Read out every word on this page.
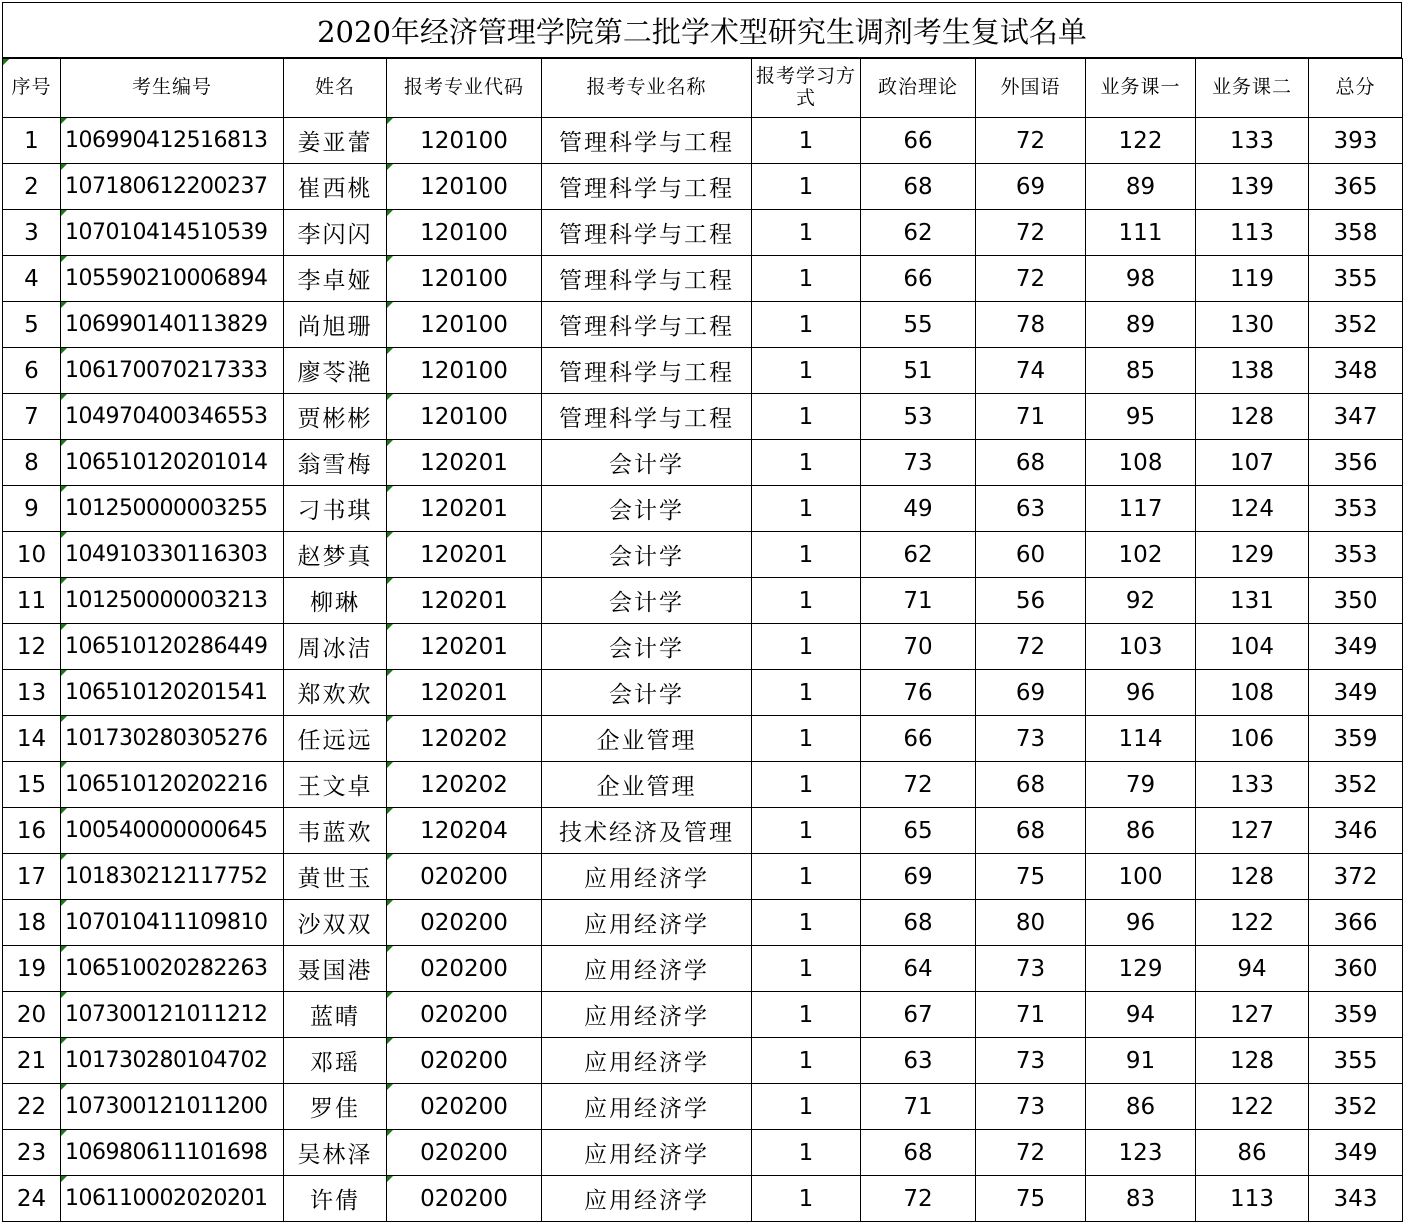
2020年经济管理学院第二批学术型研究生调剂考生复试名单
序号	考生编号	姓名	报考专业代码	报考专业名称	报考学习方式	政治理论	外国语	业务课一	业务课二	总分
1	106990412516813	姜亚蕾	120100	管理科学与工程	1	66	72	122	133	393
2	107180612200237	崔西桃	120100	管理科学与工程	1	68	69	89	139	365
3	107010414510539	李闪闪	120100	管理科学与工程	1	62	72	111	113	358
4	105590210006894	李卓娅	120100	管理科学与工程	1	66	72	98	119	355
5	106990140113829	尚旭珊	120100	管理科学与工程	1	55	78	89	130	352
6	106170070217333	廖苓滟	120100	管理科学与工程	1	51	74	85	138	348
7	104970400346553	贾彬彬	120100	管理科学与工程	1	53	71	95	128	347
8	106510120201014	翁雪梅	120201	会计学	1	73	68	108	107	356
9	101250000003255	刁书琪	120201	会计学	1	49	63	117	124	353
10	104910330116303	赵梦真	120201	会计学	1	62	60	102	129	353
11	101250000003213	柳琳	120201	会计学	1	71	56	92	131	350
12	106510120286449	周冰洁	120201	会计学	1	70	72	103	104	349
13	106510120201541	郑欢欢	120201	会计学	1	76	69	96	108	349
14	101730280305276	任远远	120202	企业管理	1	66	73	114	106	359
15	106510120202216	王文卓	120202	企业管理	1	72	68	79	133	352
16	100540000000645	韦蓝欢	120204	技术经济及管理	1	65	68	86	127	346
17	101830212117752	黄世玉	020200	应用经济学	1	69	75	100	128	372
18	107010411109810	沙双双	020200	应用经济学	1	68	80	96	122	366
19	106510020282263	聂国港	020200	应用经济学	1	64	73	129	94	360
20	107300121011212	蓝晴	020200	应用经济学	1	67	71	94	127	359
21	101730280104702	邓瑶	020200	应用经济学	1	63	73	91	128	355
22	107300121011200	罗佳	020200	应用经济学	1	71	73	86	122	352
23	106980611101698	吴林泽	020200	应用经济学	1	68	72	123	86	349
24	106110002020201	许倩	020200	应用经济学	1	72	75	83	113	343
